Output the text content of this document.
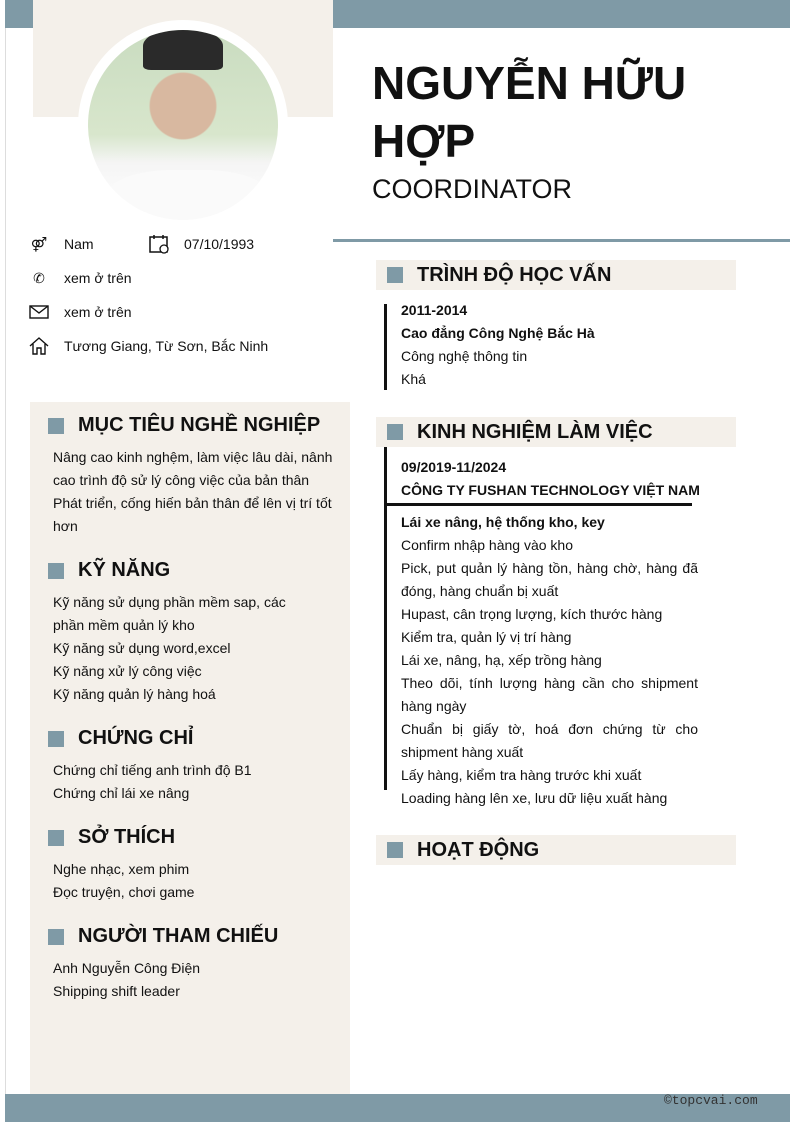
NGUYỄN HỮU HỢP
COORDINATOR
⚤ Nam	07/10/1993
✆	xem ở trên
xem ở trên
Tương Giang, Từ Sơn, Bắc Ninh
MỤC TIÊU NGHỀ NGHIỆP
Nâng cao kinh nghệm, làm việc lâu dài, nânh cao trình độ sử lý công việc của bản thân
Phát triển, cống hiến bản thân để lên vị trí tốt hơn
KỸ NĂNG
Kỹ năng sử dụng phần mềm sap, các phần mềm quản lý kho
Kỹ năng sử dụng word,excel
Kỹ năng xử lý công việc
Kỹ năng quản lý hàng hoá
CHỨNG CHỈ
Chứng chỉ tiếng anh trình độ B1
Chứng chỉ lái xe nâng
SỞ THÍCH
Nghe nhạc, xem phim
Đọc truyện, chơi game
NGƯỜI THAM CHIẾU
Anh Nguyễn Công Điện
Shipping shift leader
TRÌNH ĐỘ HỌC VẤN
2011-2014
Cao đẳng Công Nghệ Bắc Hà
Công nghệ thông tin
Khá
KINH NGHIỆM LÀM VIỆC
09/2019-11/2024
CÔNG TY FUSHAN TECHNOLOGY VIỆT NAM
Lái xe nâng, hệ thống kho, key
Confirm nhập hàng vào kho
Pick, put quản lý hàng tồn, hàng chờ, hàng đã đóng, hàng chuẩn bị xuất
Hupast, cân trọng lượng, kích thước hàng
Kiểm tra, quản lý vị trí hàng
Lái xe, nâng, hạ, xếp trồng hàng
Theo dõi, tính lượng hàng cần cho shipment hàng ngày
Chuẩn bị giấy tờ, hoá đơn chứng từ cho shipment hàng xuất
Lấy hàng, kiểm tra hàng trước khi xuất
Loading hàng lên xe, lưu dữ liệu xuất hàng
HOẠT ĐỘNG
©topcvai.com
